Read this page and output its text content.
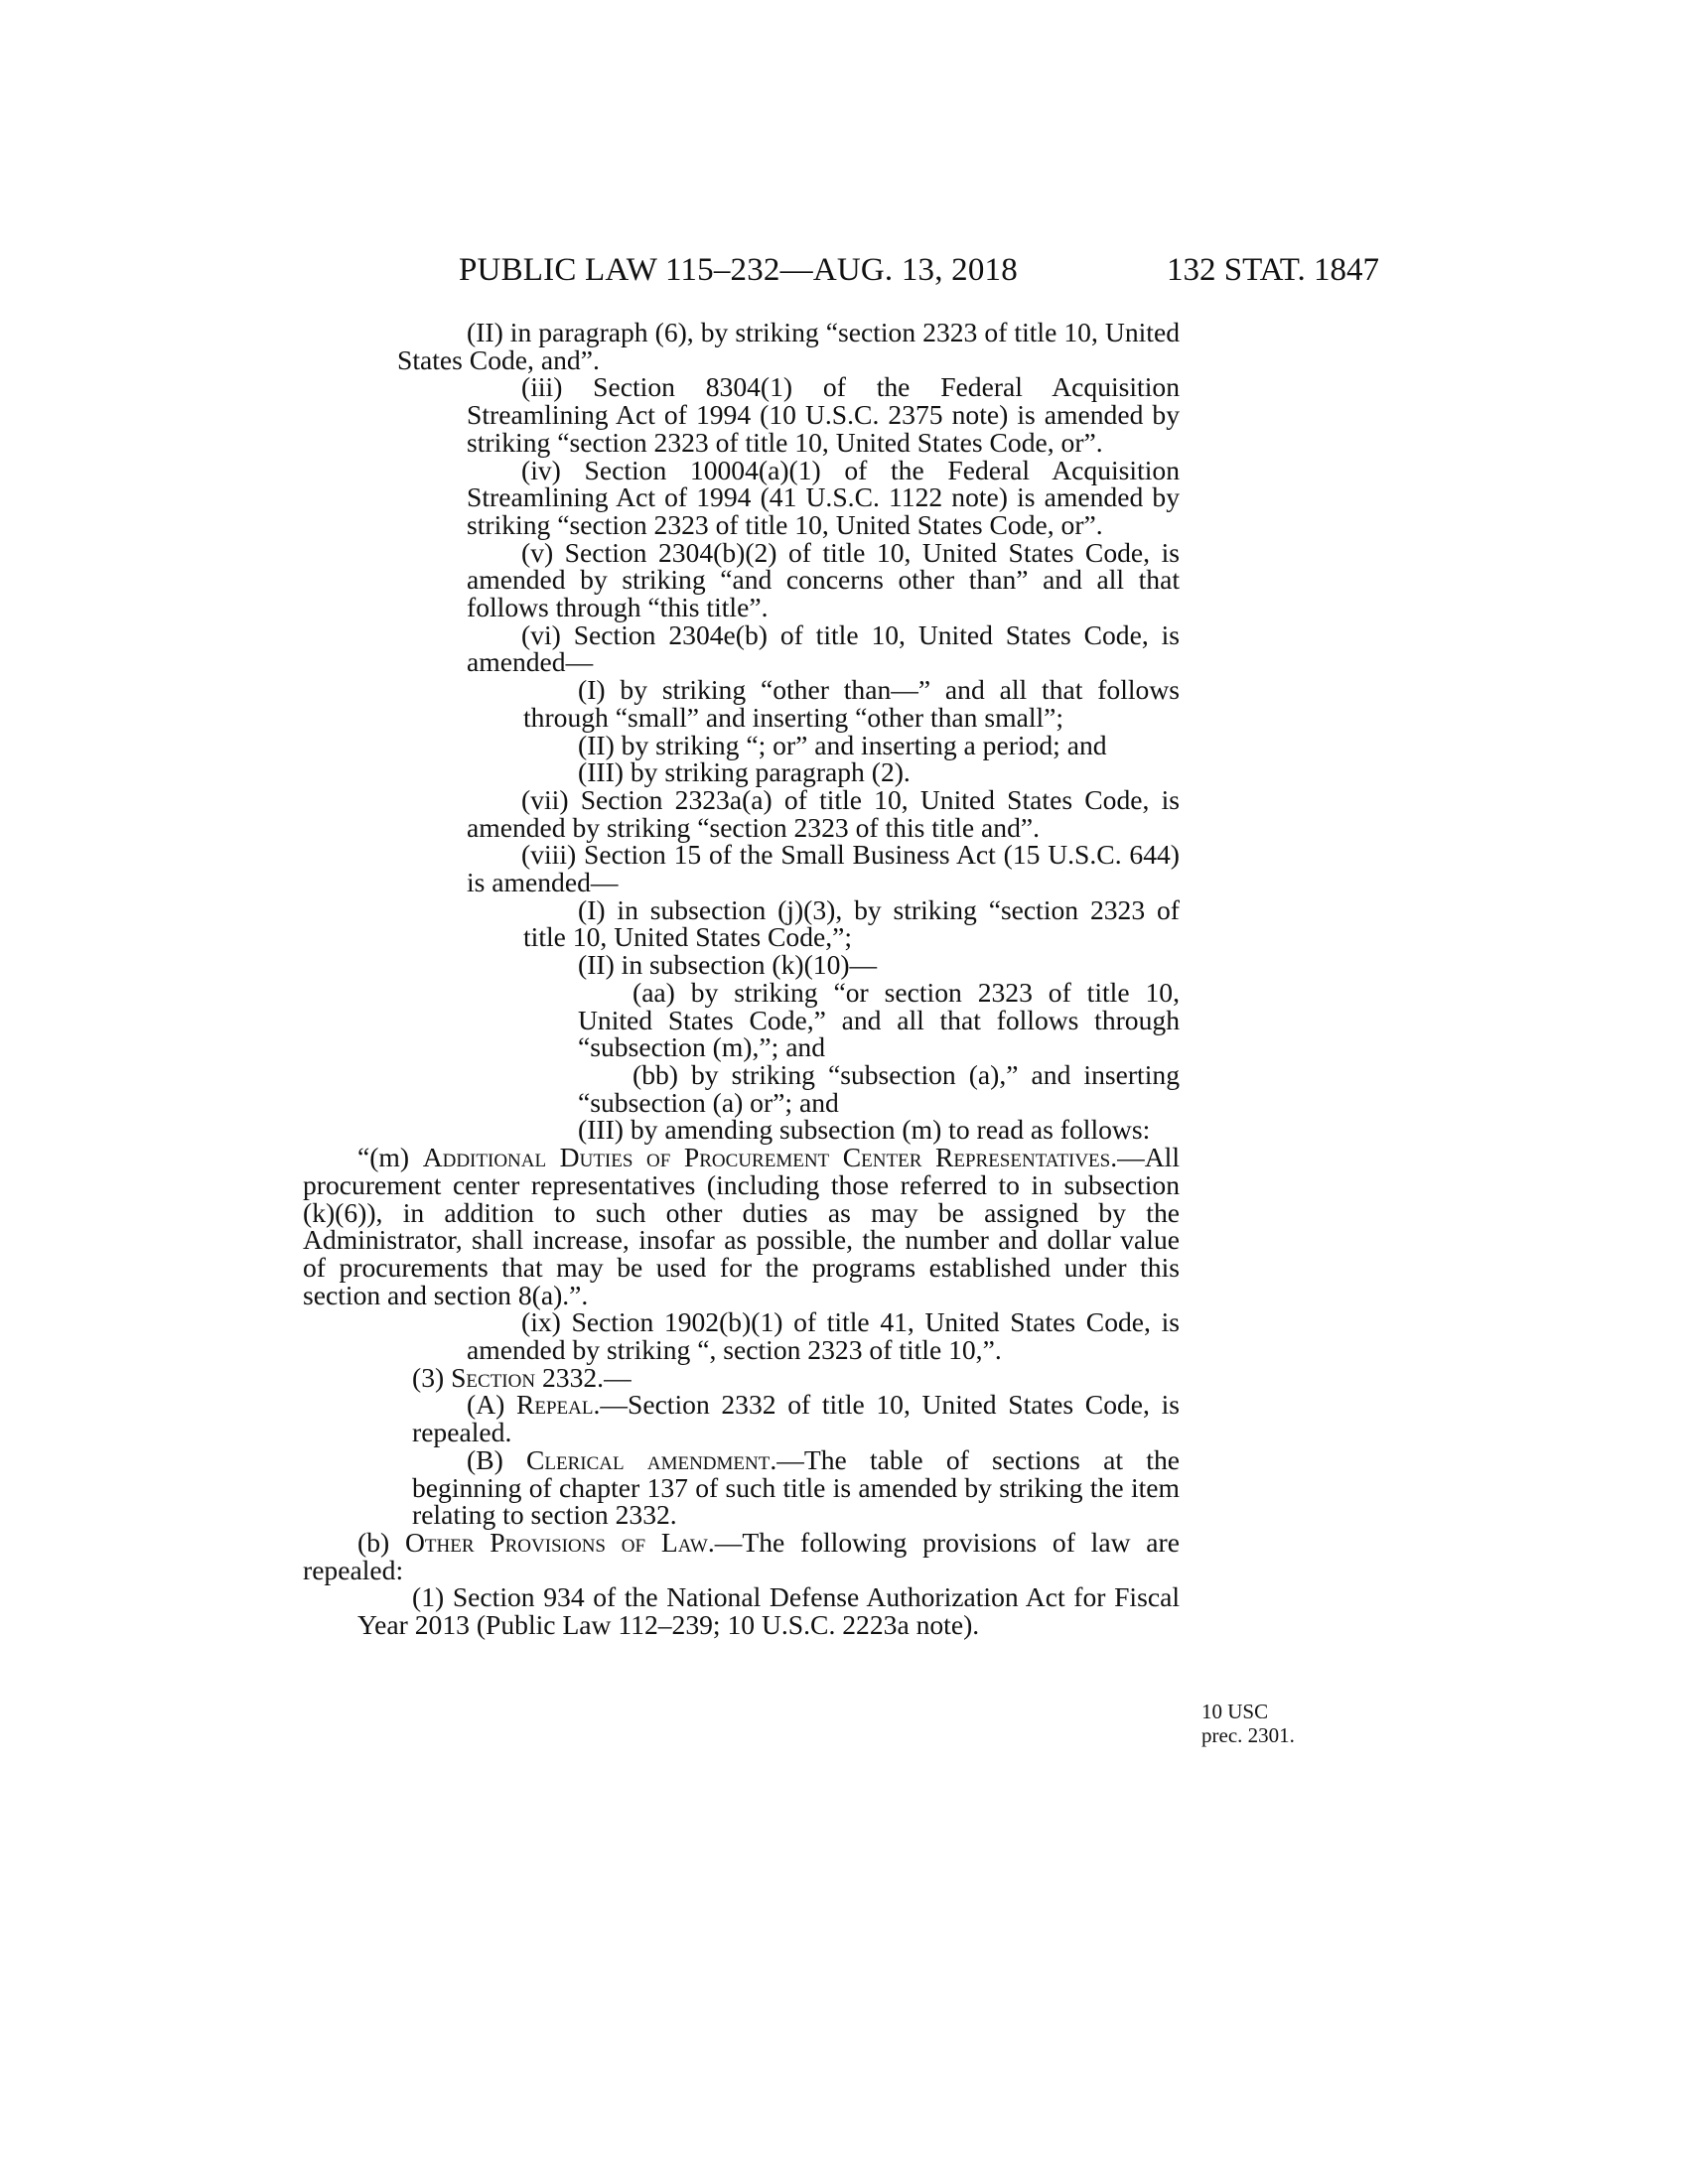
PUBLIC LAW 115–232—AUG. 13, 2018	132 STAT. 1847

(II) in paragraph (6), by striking “section 2323 of title 10, United States Code, and”.

(iii) Section 8304(1) of the Federal Acquisition Streamlining Act of 1994 (10 U.S.C. 2375 note) is amended by striking “section 2323 of title 10, United States Code, or”.

(iv) Section 10004(a)(1) of the Federal Acquisition Streamlining Act of 1994 (41 U.S.C. 1122 note) is amended by striking “section 2323 of title 10, United States Code, or”.

(v) Section 2304(b)(2) of title 10, United States Code, is amended by striking “and concerns other than” and all that follows through “this title”.

(vi) Section 2304e(b) of title 10, United States Code, is amended—

(I) by striking “other than—” and all that follows through “small” and inserting “other than small”;

(II) by striking “; or” and inserting a period; and

(III) by striking paragraph (2).

(vii) Section 2323a(a) of title 10, United States Code, is amended by striking “section 2323 of this title and”.

(viii) Section 15 of the Small Business Act (15 U.S.C. 644) is amended—

(I) in subsection (j)(3), by striking “section 2323 of title 10, United States Code,”;

(II) in subsection (k)(10)—

(aa) by striking “or section 2323 of title 10, United States Code,” and all that follows through “subsection (m),”; and

(bb) by striking “subsection (a),” and inserting “subsection (a) or”; and

(III) by amending subsection (m) to read as follows:

“(m) Additional Duties of Procurement Center Representatives.—All procurement center representatives (including those referred to in subsection (k)(6)), in addition to such other duties as may be assigned by the Administrator, shall increase, insofar as possible, the number and dollar value of procurements that may be used for the programs established under this section and section 8(a).”.

(ix) Section 1902(b)(1) of title 41, United States Code, is amended by striking “, section 2323 of title 10,”.

(3) Section 2332.—

(A) Repeal.—Section 2332 of title 10, United States Code, is repealed.

(B) Clerical amendment.—The table of sections at the beginning of chapter 137 of such title is amended by striking the item relating to section 2332.

(b) Other Provisions of Law.—The following provisions of law are repealed:

(1) Section 934 of the National Defense Authorization Act for Fiscal Year 2013 (Public Law 112–239; 10 U.S.C. 2223a note).

10 USC
prec. 2301.
